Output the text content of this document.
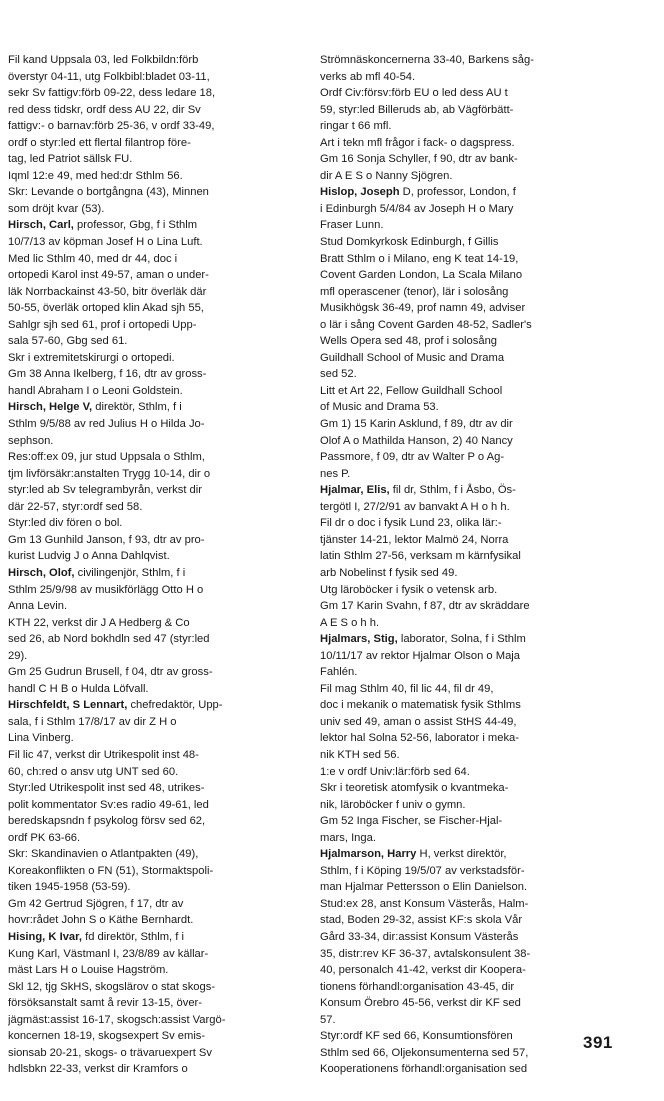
Fil kand Uppsala 03, led Folkbildn:förb
överstyr 04-11, utg Folkbibl:bladet 03-11,
sekr Sv fattigv:förb 09-22, dess ledare 18,
red dess tidskr, ordf dess AU 22, dir Sv
fattigv:- o barnav:förb 25-36, v ordf 33-49,
ordf o styr:led ett flertal filantrop före-
tag, led Patriot sällsk FU.
Iqml 12:e 49, med hed:dr Sthlm 56.
Skr: Levande o bortgångna (43), Minnen
som dröjt kvar (53).
Hirsch, Carl, professor, Gbg, f i Sthlm
10/7/13 av köpman Josef H o Lina Luft.
Med lic Sthlm 40, med dr 44, doc i
ortopedi Karol inst 49-57, aman o under-
läk Norrbackainst 43-50, bitr överläk där
50-55, överläk ortoped klin Akad sjh 55,
Sahlgr sjh sed 61, prof i ortopedi Upp-
sala 57-60, Gbg sed 61.
Skr i extremitetskirurgi o ortopedi.
Gm 38 Anna Ikelberg, f 16, dtr av gross-
handl Abraham I o Leoni Goldstein.
Hirsch, Helge V, direktör, Sthlm, f i
Sthlm 9/5/88 av red Julius H o Hilda Jo-
sephson.
Res:off:ex 09, jur stud Uppsala o Sthlm,
tjm livförsäkr:anstalten Trygg 10-14, dir o
styr:led ab Sv telegrambyrån, verkst dir
där 22-57, styr:ordf sed 58.
Styr:led div fören o bol.
Gm 13 Gunhild Janson, f 93, dtr av pro-
kurist Ludvig J o Anna Dahlqvist.
Hirsch, Olof, civilingenjör, Sthlm, f i
Sthlm 25/9/98 av musikförlägg Otto H o
Anna Levin.
KTH 22, verkst dir J A Hedberg & Co
sed 26, ab Nord bokhdln sed 47 (styr:led
29).
Gm 25 Gudrun Brusell, f 04, dtr av gross-
handl C H B o Hulda Löfvall.
Hirschfeldt, S Lennart, chefredaktör, Upp-
sala, f i Sthlm 17/8/17 av dir Z H o
Lina Vinberg.
Fil lic 47, verkst dir Utrikespolit inst 48-
60, ch:red o ansv utg UNT sed 60.
Styr:led Utrikespolit inst sed 48, utrikes-
polit kommentator Sv:es radio 49-61, led
beredskapsndn f psykolog försv sed 62,
ordf PK 63-66.
Skr: Skandinavien o Atlantpakten (49),
Koreakonflikten o FN (51), Stormaktspoli-
tiken 1945-1958 (53-59).
Gm 42 Gertrud Sjögren, f 17, dtr av
hovr:rådet John S o Käthe Bernhardt.
Hising, K Ivar, fd direktör, Sthlm, f i
Kung Karl, Västmanl I, 23/8/89 av källar-
mäst Lars H o Louise Hagström.
Skl 12, tjg SkHS, skogslärov o stat skogs-
försöksanstalt samt å revir 13-15, över-
jägmäst:assist 16-17, skogsch:assist Vargö-
koncernen 18-19, skogsexpert Sv emis-
sionsab 20-21, skogs- o trävaruexpert Sv
hdlsbkn 22-33, verkst dir Kramfors o
Strömnäskoncernerna 33-40, Barkens såg-
verks ab mfl 40-54.
Ordf Civ:försv:förb EU o led dess AU t
59, styr:led Billeruds ab, ab Vägförbätt-
ringar t 66 mfl.
Art i tekn mfl frågor i fack- o dagspress.
Gm 16 Sonja Schyller, f 90, dtr av bank-
dir A E S o Nanny Sjögren.
Hislop, Joseph D, professor, London, f
i Edinburgh 5/4/84 av Joseph H o Mary
Fraser Lunn.
Stud Domkyrkosk Edinburgh, f Gillis
Bratt Sthlm o i Milano, eng K teat 14-19,
Covent Garden London, La Scala Milano
mfl operascener (tenor), lär i solosång
Musikhögsk 36-49, prof namn 49, adviser
o lär i sång Covent Garden 48-52, Sadler's
Wells Opera sed 48, prof i solosång
Guildhall School of Music and Drama
sed 52.
Litt et Art 22, Fellow Guildhall School
of Music and Drama 53.
Gm 1) 15 Karin Asklund, f 89, dtr av dir
Olof A o Mathilda Hanson, 2) 40 Nancy
Passmore, f 09, dtr av Walter P o Ag-
nes P.
Hjalmar, Elis, fil dr, Sthlm, f i Åsbo, Ös-
tergötl I, 27/2/91 av banvakt A H o h h.
Fil dr o doc i fysik Lund 23, olika lär:-
tjänster 14-21, lektor Malmö 24, Norra
latin Sthlm 27-56, verksam m kärnfysikal
arb Nobelinst f fysik sed 49.
Utg läroböcker i fysik o vetensk arb.
Gm 17 Karin Svahn, f 87, dtr av skräddare
A E S o h h.
Hjalmars, Stig, laborator, Solna, f i Sthlm
10/11/17 av rektor Hjalmar Olson o Maja
Fahlén.
Fil mag Sthlm 40, fil lic 44, fil dr 49,
doc i mekanik o matematisk fysik Sthlms
univ sed 49, aman o assist StHS 44-49,
lektor hal Solna 52-56, laborator i meka-
nik KTH sed 56.
1:e v ordf Univ:lär:förb sed 64.
Skr i teoretisk atomfysik o kvantmeka-
nik, läroböcker f univ o gymn.
Gm 52 Inga Fischer, se Fischer-Hjal-
mars, Inga.
Hjalmarson, Harry H, verkst direktör,
Sthlm, f i Köping 19/5/07 av verkstadsför-
man Hjalmar Pettersson o Elin Danielson.
Stud:ex 28, anst Konsum Västerås, Halm-
stad, Boden 29-32, assist KF:s skola Vår
Gård 33-34, dir:assist Konsum Västerås
35, distr:rev KF 36-37, avtalskonsulent 38-
40, personalch 41-42, verkst dir Koopera-
tionens förhandl:organisation 43-45, dir
Konsum Örebro 45-56, verkst dir KF sed
57.
Styr:ordf KF sed 66, Konsumtionsfören
Sthlm sed 66, Oljekonsumenterna sed 57,
Kooperationens förhandl:organisation sed
391
